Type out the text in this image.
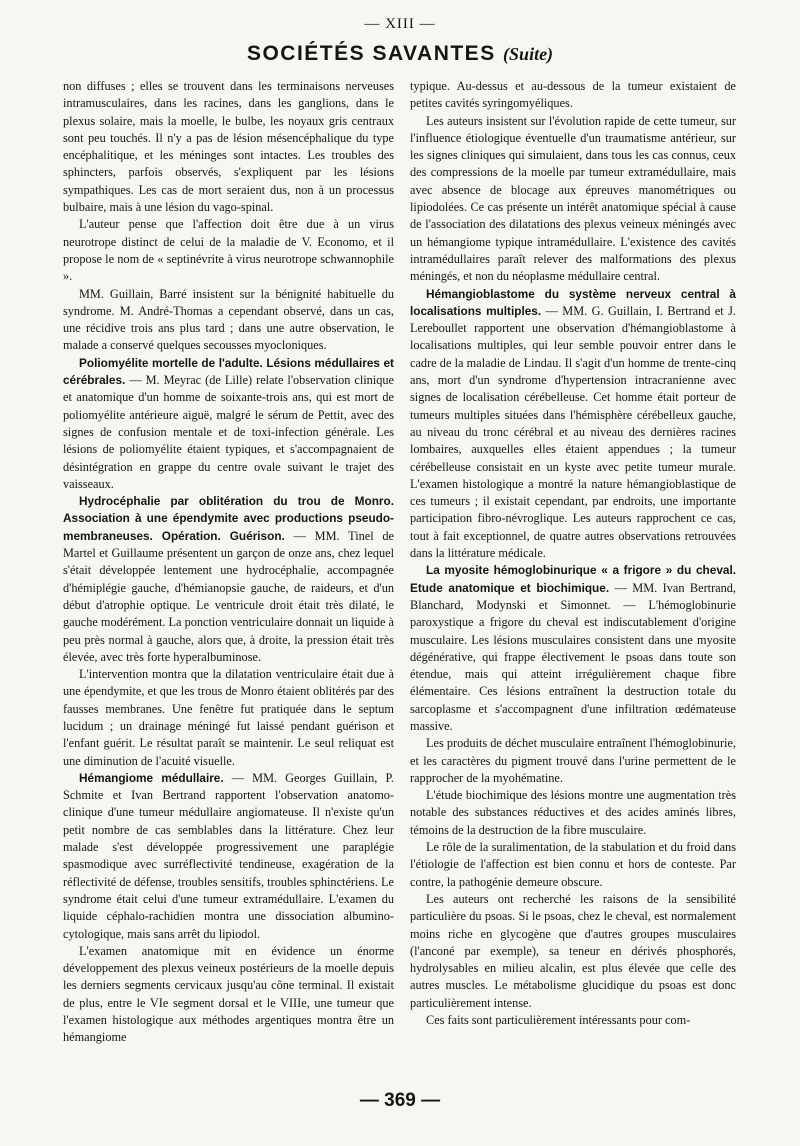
— XIII —
SOCIÉTÉS SAVANTES (Suite)

non diffuses ; elles se trouvent dans les terminaisons nerveuses intramusculaires, dans les racines, dans les ganglions, dans le plexus solaire, mais la moelle, le bulbe, les noyaux gris centraux sont peu touchés. Il n'y a pas de lésion mésencéphalique du type encéphalitique, et les méninges sont intactes. Les troubles des sphincters, parfois observés, s'expliquent par les lésions sympathiques. Les cas de mort seraient dus, non à un processus bulbaire, mais à une lésion du vago-spinal.

L'auteur pense que l'affection doit être due à un virus neurotrope distinct de celui de la maladie de V. Economo, et il propose le nom de « septinévrite à virus neurotrope schwannophile ».

MM. Guillain, Barré insistent sur la bénignité habituelle du syndrome. M. André-Thomas a cependant observé, dans un cas, une récidive trois ans plus tard ; dans une autre observation, le malade a conservé quelques secousses myocloniques.

Poliomyélite mortelle de l'adulte. Lésions médullaires et cérébrales. — M. Meyrac (de Lille) relate l'observation clinique et anatomique d'un homme de soixante-trois ans, qui est mort de poliomyélite antérieure aiguë, malgré le sérum de Pettit, avec des signes de confusion mentale et de toxi-infection générale. Les lésions de poliomyélite étaient typiques, et s'accompagnaient de désintégration en grappe du centre ovale suivant le trajet des vaisseaux.

Hydrocéphalie par oblitération du trou de Monro. Association à une épendymite avec productions pseudo-membraneuses. Opération. Guérison. — MM. Tinel de Martel et Guillaume présentent un garçon de onze ans, chez lequel s'était développée lentement une hydrocéphalie, accompagnée d'hémiplégie gauche, d'hémianopsie gauche, de raideurs, et d'un début d'atrophie optique. Le ventricule droit était très dilaté, le gauche modérément. La ponction ventriculaire donnait un liquide à peu près normal à gauche, alors que, à droite, la pression était très élevée, avec très forte hyperalbuminose.

L'intervention montra que la dilatation ventriculaire était due à une épendymite, et que les trous de Monro étaient oblitérés par des fausses membranes. Une fenêtre fut pratiquée dans le septum lucidum ; un drainage méningé fut laissé pendant guérison et l'enfant guérit. Le résultat paraît se maintenir. Le seul reliquat est une diminution de l'acuité visuelle.

Hémangiome médullaire. — MM. Georges Guillain, P. Schmite et Ivan Bertrand rapportent l'observation anatomo-clinique d'une tumeur médullaire angiomateuse. Il n'existe qu'un petit nombre de cas semblables dans la littérature. Chez leur malade s'est développée progressivement une paraplégie spasmodique avec surréflectivité tendineuse, exagération de la réflectivité de défense, troubles sensitifs, troubles sphinctériens. Le syndrome était celui d'une tumeur extramédullaire. L'examen du liquide céphalo-rachidien montra une dissociation albumino-cytologique, mais sans arrêt du lipiodol.

L'examen anatomique mit en évidence un énorme développement des plexus veineux postérieurs de la moelle depuis les derniers segments cervicaux jusqu'au cône terminal. Il existait de plus, entre le VIe segment dorsal et le VIIIe, une tumeur que l'examen histologique aux méthodes argentiques montra être un hémangiome

typique. Au-dessus et au-dessous de la tumeur existaient de petites cavités syringomyéliques.

Les auteurs insistent sur l'évolution rapide de cette tumeur, sur l'influence étiologique éventuelle d'un traumatisme antérieur, sur les signes cliniques qui simulaient, dans tous les cas connus, ceux des compressions de la moelle par tumeur extramédullaire, mais avec absence de blocage aux épreuves manométriques ou lipiodolées. Ce cas présente un intérêt anatomique spécial à cause de l'association des dilatations des plexus veineux méningés avec un hémangiome typique intramédullaire. L'existence des cavités intramédullaires paraît relever des malformations des plexus méningés, et non du néoplasme médullaire central.

Hémangioblastome du système nerveux central à localisations multiples. — MM. G. Guillain, I. Bertrand et J. Lereboullet rapportent une observation d'hémangioblastome à localisations multiples, qui leur semble pouvoir entrer dans le cadre de la maladie de Lindau. Il s'agit d'un homme de trente-cinq ans, mort d'un syndrome d'hypertension intracranienne avec signes de localisation cérébelleuse. Cet homme était porteur de tumeurs multiples situées dans l'hémisphère cérébelleux gauche, au niveau du tronc cérébral et au niveau des dernières racines lombaires, auxquelles elles étaient appendues ; la tumeur cérébelleuse consistait en un kyste avec petite tumeur murale. L'examen histologique a montré la nature hémangioblastique de ces tumeurs ; il existait cependant, par endroits, une importante participation fibro-névroglique. Les auteurs rapprochent ce cas, tout à fait exceptionnel, de quatre autres observations retrouvées dans la littérature médicale.

La myosite hémoglobinurique « a frigore » du cheval. Etude anatomique et biochimique. — MM. Ivan Bertrand, Blanchard, Modynski et Simonnet. — L'hémoglobinurie paroxystique a frigore du cheval est indiscutablement d'origine musculaire. Les lésions musculaires consistent dans une myosite dégénérative, qui frappe électivement le psoas dans toute son étendue, mais qui atteint irrégulièrement chaque fibre élémentaire. Ces lésions entraînent la destruction totale du sarcoplasme et s'accompagnent d'une infiltration œdémateuse massive.

Les produits de déchet musculaire entraînent l'hémoglobinurie, et les caractères du pigment trouvé dans l'urine permettent de le rapprocher de la myohématine.

L'étude biochimique des lésions montre une augmentation très notable des substances réductives et des acides aminés libres, témoins de la destruction de la fibre musculaire.

Le rôle de la suralimentation, de la stabulation et du froid dans l'étiologie de l'affection est bien connu et hors de conteste. Par contre, la pathogénie demeure obscure.

Les auteurs ont recherché les raisons de la sensibilité particulière du psoas. Si le psoas, chez le cheval, est normalement moins riche en glycogène que d'autres groupes musculaires (l'anconé par exemple), sa teneur en dérivés phosphorés, hydrolysables en milieu alcalin, est plus élevée que celle des autres muscles. Le métabolisme glucidique du psoas est donc particulièrement intense.

Ces faits sont particulièrement intéressants pour com-

— 369 —
